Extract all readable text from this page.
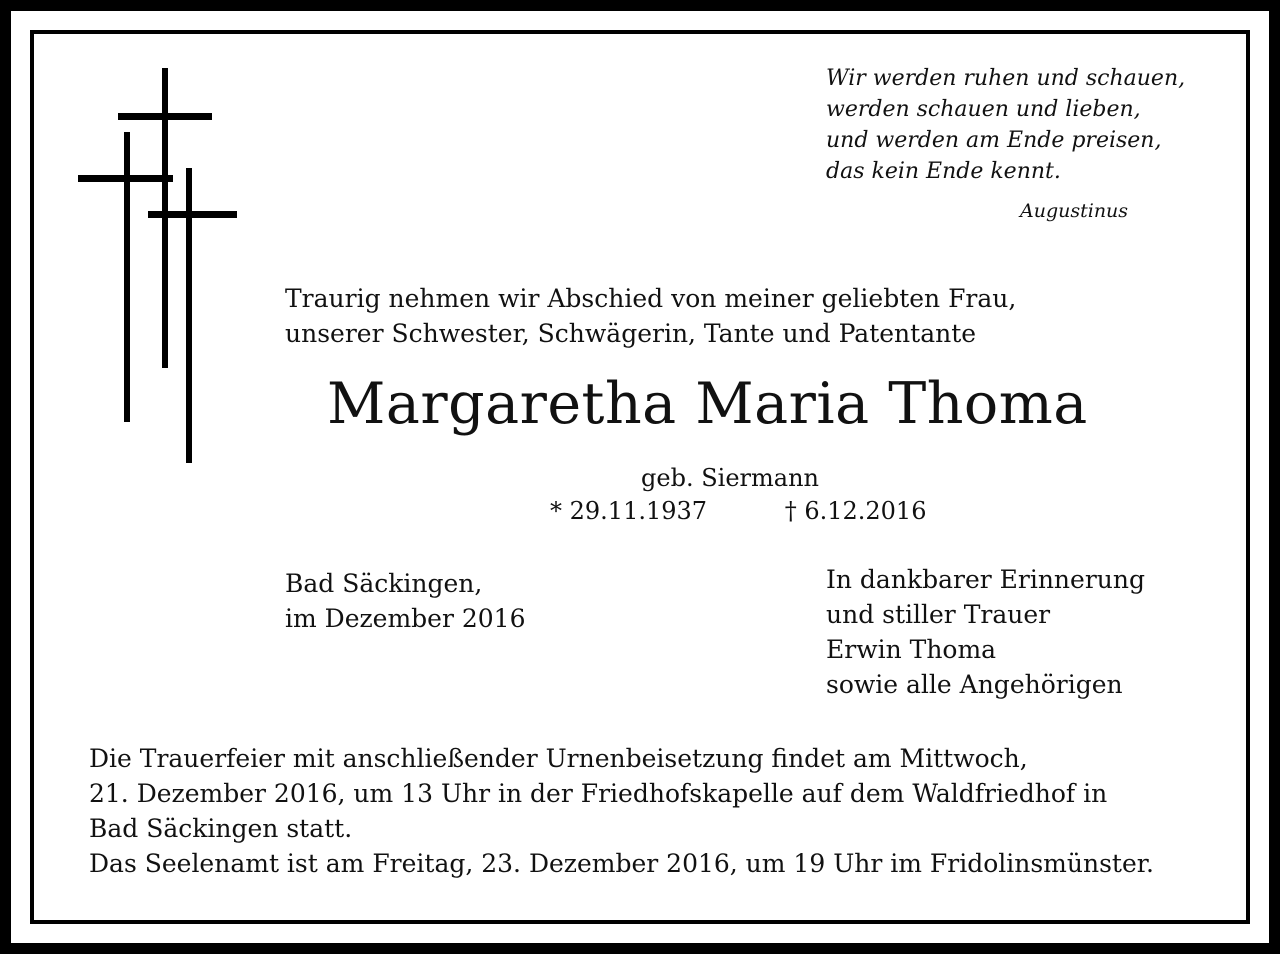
Wir werden ruhen und schauen,
werden schauen und lieben,
und werden am Ende preisen,
das kein Ende kennt.
Augustinus
Traurig nehmen wir Abschied von meiner geliebten Frau,
unserer Schwester, Schwägerin, Tante und Patentante
Margaretha Maria Thoma
geb. Siermann
* 29.11.1937	† 6.12.2016
Bad Säckingen,
im Dezember 2016
In dankbarer Erinnerung
und stiller Trauer
Erwin Thoma
sowie alle Angehörigen
Die Trauerfeier mit anschließender Urnenbeisetzung findet am Mittwoch,
21. Dezember 2016, um 13 Uhr in der Friedhofskapelle auf dem Waldfriedhof in
Bad Säckingen statt.
Das Seelenamt ist am Freitag, 23. Dezember 2016, um 19 Uhr im Fridolinsmünster.
